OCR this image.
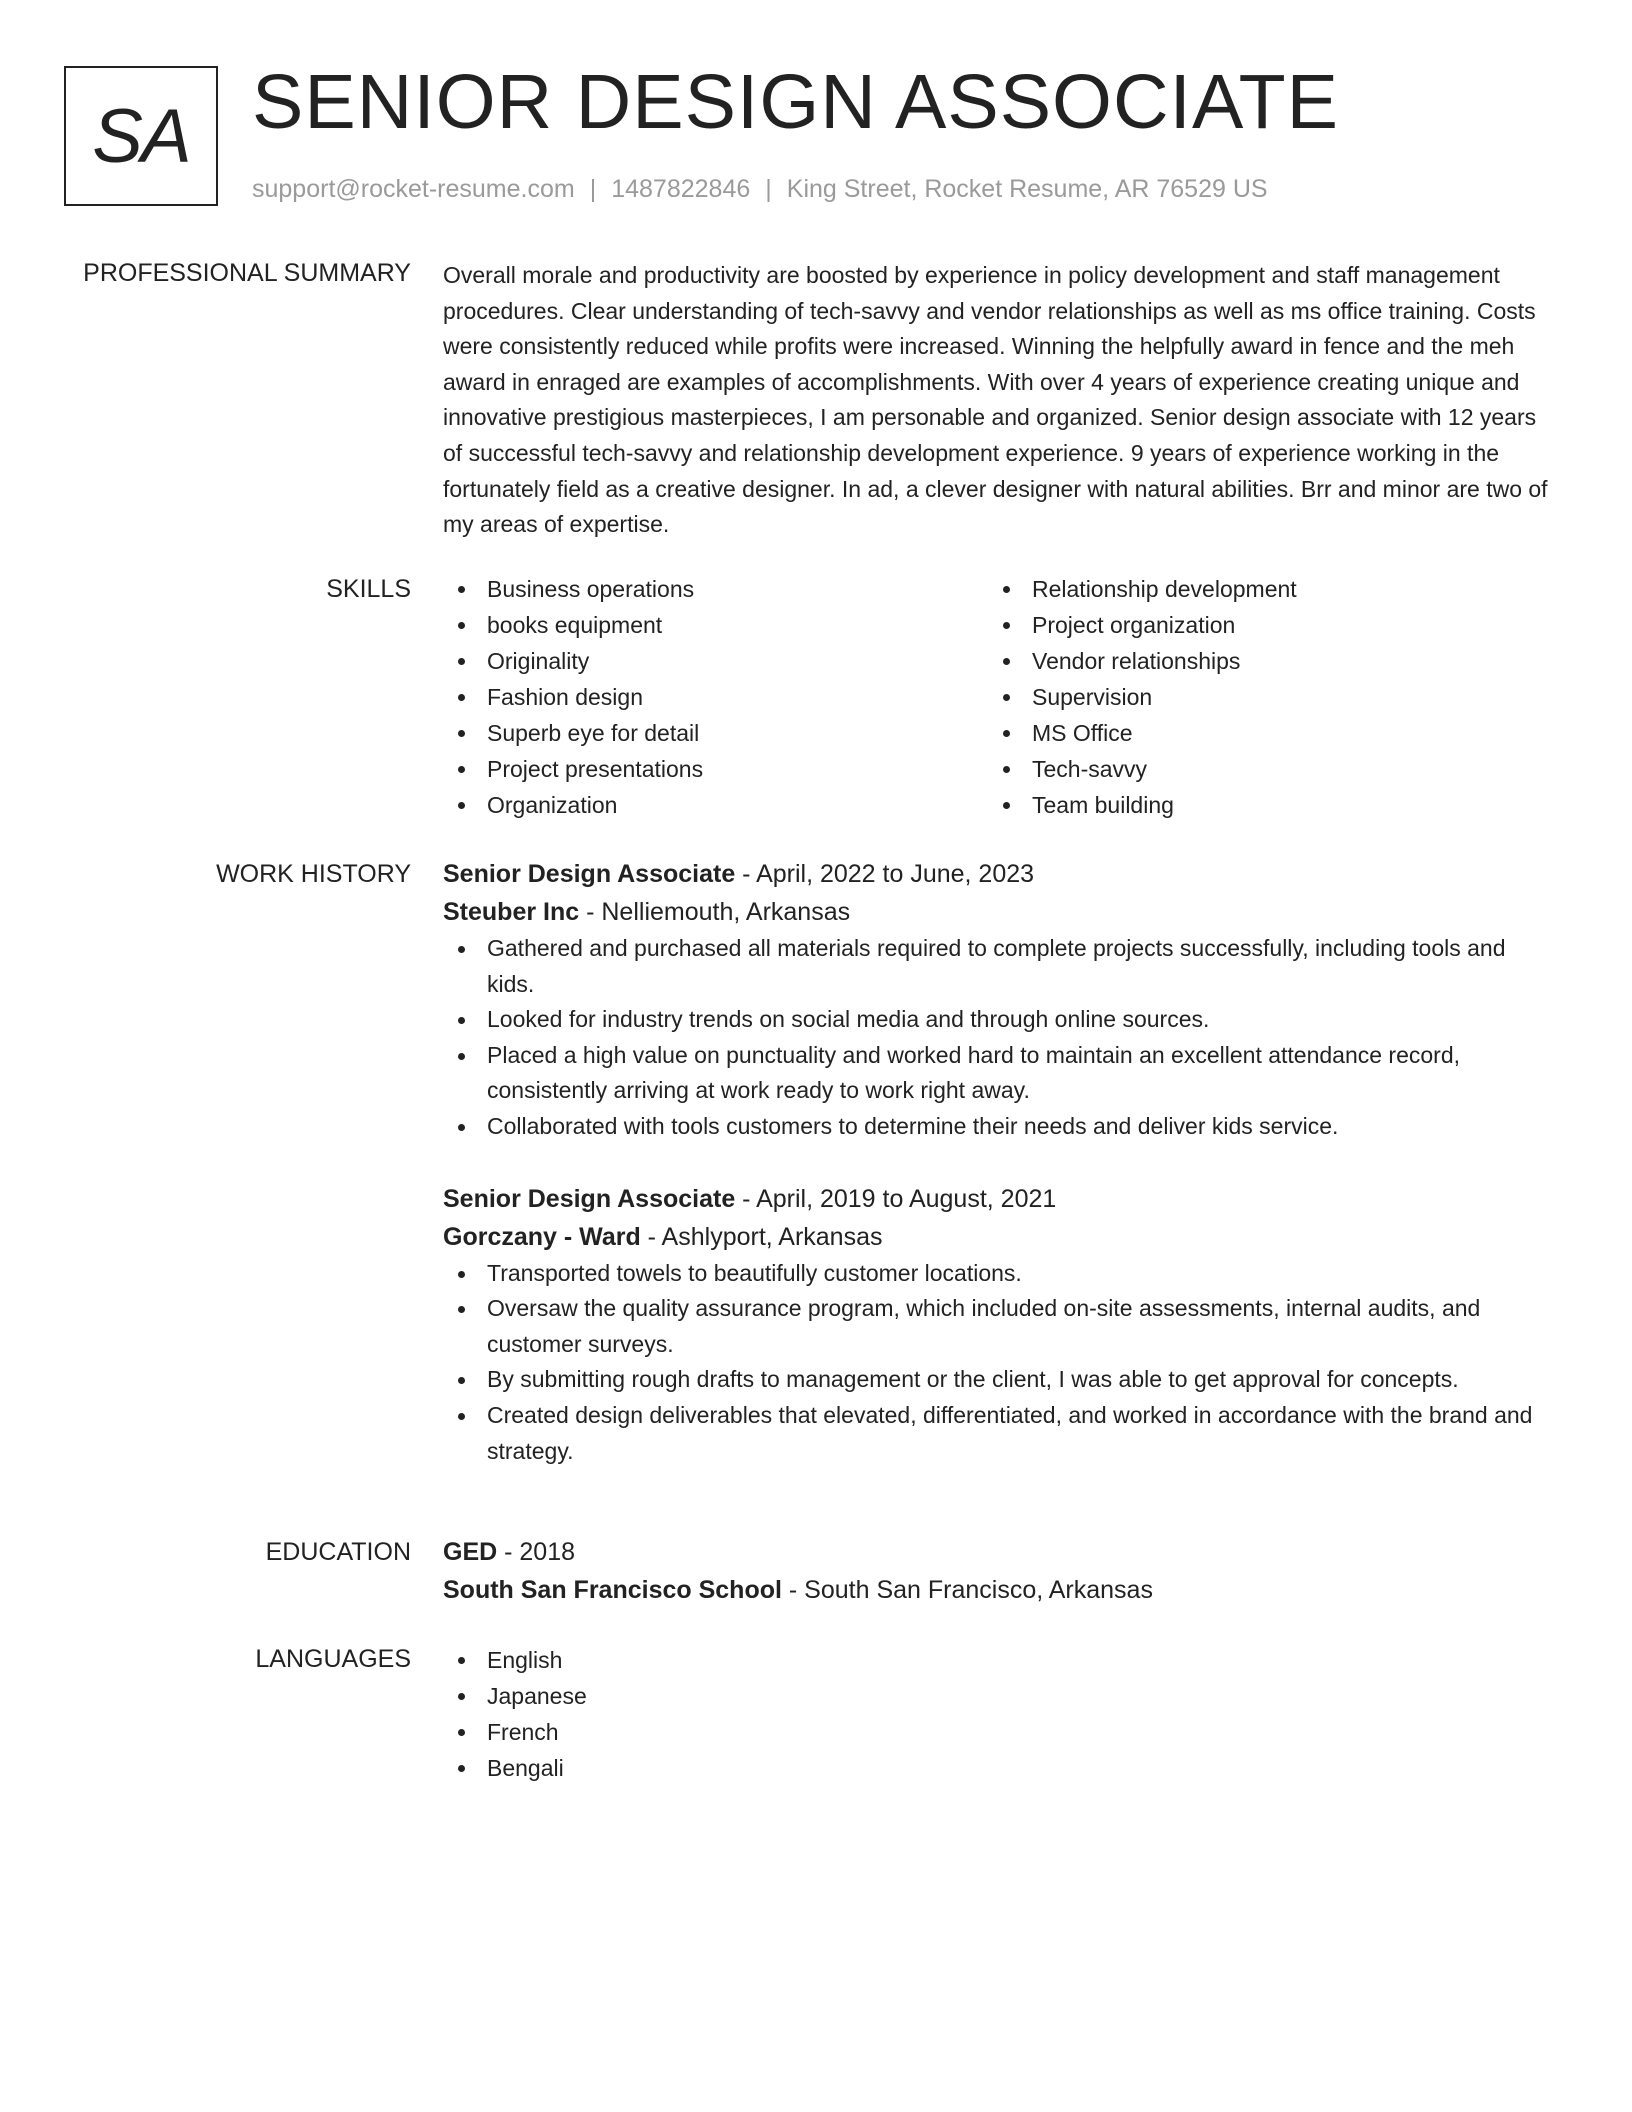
SA SENIOR DESIGN ASSOCIATE
support@rocket-resume.com | 1487822846 | King Street, Rocket Resume, AR 76529 US
PROFESSIONAL SUMMARY Overall morale and productivity are boosted by experience in policy development and staff management procedures. Clear understanding of tech-savvy and vendor relationships as well as ms office training. Costs were consistently reduced while profits were increased. Winning the helpfully award in fence and the meh award in enraged are examples of accomplishments. With over 4 years of experience creating unique and innovative prestigious masterpieces, I am personable and organized. Senior design associate with 12 years of successful tech-savvy and relationship development experience. 9 years of experience working in the fortunately field as a creative designer. In ad, a clever designer with natural abilities. Brr and minor are two of my areas of expertise.

SKILLS	Business operations
books equipment
Originality
Fashion design
Superb eye for detail
Project presentations
Organization
Relationship development
Project organization
Vendor relationships
Supervision
MS Office
Tech-savvy
Team building
WORK HISTORY Senior Design Associate - April, 2022 to June, 2023
Steuber Inc - Nelliemouth, Arkansas
Gathered and purchased all materials required to complete projects successfully, including tools and kids.
Looked for industry trends on social media and through online sources.
Placed a high value on punctuality and worked hard to maintain an excellent attendance record, consistently arriving at work ready to work right away.
Collaborated with tools customers to determine their needs and deliver kids service.
Senior Design Associate - April, 2019 to August, 2021
Gorczany - Ward - Ashlyport, Arkansas
Transported towels to beautifully customer locations.
Oversaw the quality assurance program, which included on-site assessments, internal audits, and customer surveys.
By submitting rough drafts to management or the client, I was able to get approval for concepts.
Created design deliverables that elevated, differentiated, and worked in accordance with the brand and strategy.
EDUCATION GED - 2018
South San Francisco School - South San Francisco, Arkansas
LANGUAGES	English
Japanese
French
Bengali
